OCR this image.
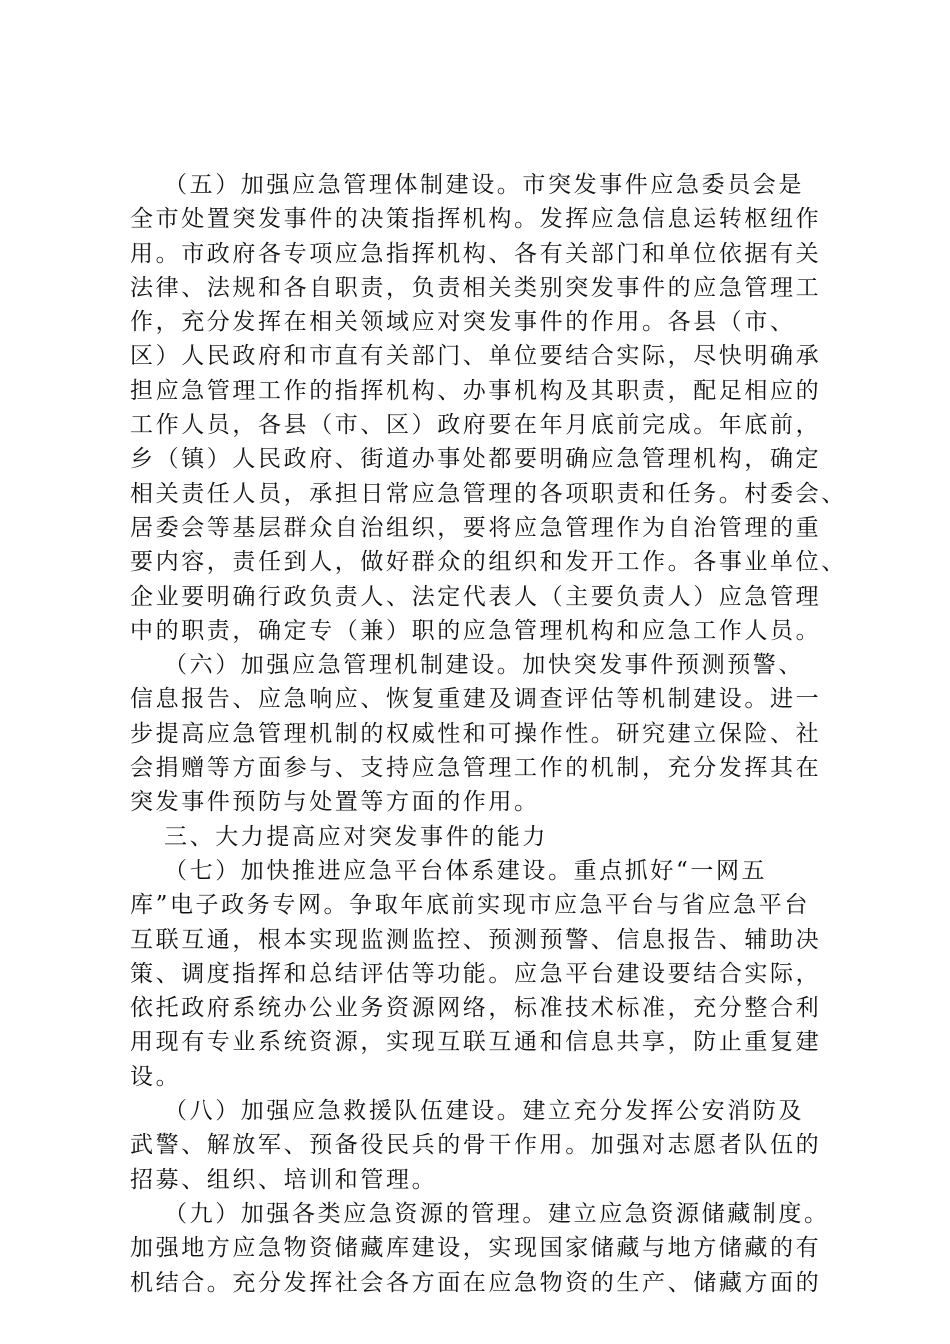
（五）加强应急管理体制建设。市突发事件应急委员会是
全市处置突发事件的决策指挥机构。发挥应急信息运转枢纽作
用。市政府各专项应急指挥机构、各有关部门和单位依据有关
法律、法规和各自职责，负责相关类别突发事件的应急管理工
作，充分发挥在相关领域应对突发事件的作用。各县（市、
区）人民政府和市直有关部门、单位要结合实际，尽快明确承
担应急管理工作的指挥机构、办事机构及其职责，配足相应的
工作人员，各县（市、区）政府要在年月底前完成。年底前，
乡（镇）人民政府、街道办事处都要明确应急管理机构，确定
相关责任人员，承担日常应急管理的各项职责和任务。村委会、
居委会等基层群众自治组织，要将应急管理作为自治管理的重
要内容，责任到人，做好群众的组织和发开工作。各事业单位、
企业要明确行政负责人、法定代表人（主要负责人）应急管理
中的职责，确定专（兼）职的应急管理机构和应急工作人员。
（六）加强应急管理机制建设。加快突发事件预测预警、
信息报告、应急响应、恢复重建及调查评估等机制建设。进一
步提高应急管理机制的权威性和可操作性。研究建立保险、社
会捐赠等方面参与、支持应急管理工作的机制，充分发挥其在
突发事件预防与处置等方面的作用。
三、大力提高应对突发事件的能力
（七）加快推进应急平台体系建设。重点抓好“一网五
库”电子政务专网。争取年底前实现市应急平台与省应急平台
互联互通，根本实现监测监控、预测预警、信息报告、辅助决
策、调度指挥和总结评估等功能。应急平台建设要结合实际，
依托政府系统办公业务资源网络，标准技术标准，充分整合利
用现有专业系统资源，实现互联互通和信息共享，防止重复建
设。
（八）加强应急救援队伍建设。建立充分发挥公安消防及
武警、解放军、预备役民兵的骨干作用。加强对志愿者队伍的
招募、组织、培训和管理。
（九）加强各类应急资源的管理。建立应急资源储藏制度。
加强地方应急物资储藏库建设，实现国家储藏与地方储藏的有
机结合。充分发挥社会各方面在应急物资的生产、储藏方面的
